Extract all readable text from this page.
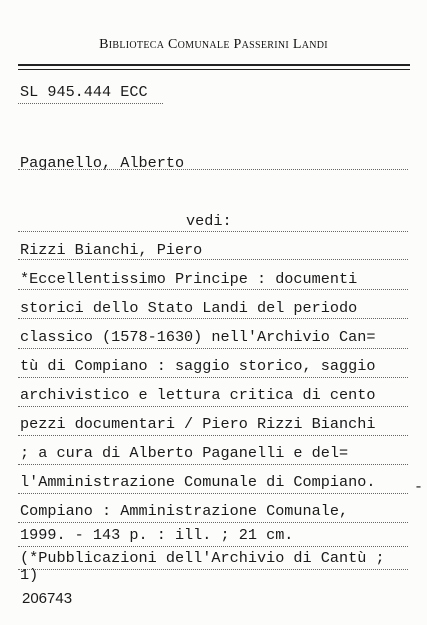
Biblioteca Comunale Passerini Landi
SL 945.444 ECC
Paganello, Alberto
vedi:
Rizzi Bianchi, Piero
*Eccellentissimo Principe : documenti
storici dello Stato Landi del periodo
classico (1578-1630) nell'Archivio Can=
tù di Compiano : saggio storico, saggio
archivistico e lettura critica di cento
pezzi documentari / Piero Rizzi Bianchi
; a cura di Alberto Paganelli e del=
l'Amministrazione Comunale di Compiano.	-
Compiano : Amministrazione Comunale,
1999. - 143 p. : ill. ; 21 cm.
(*Pubblicazioni dell'Archivio di Cantù ;
1)
206743
